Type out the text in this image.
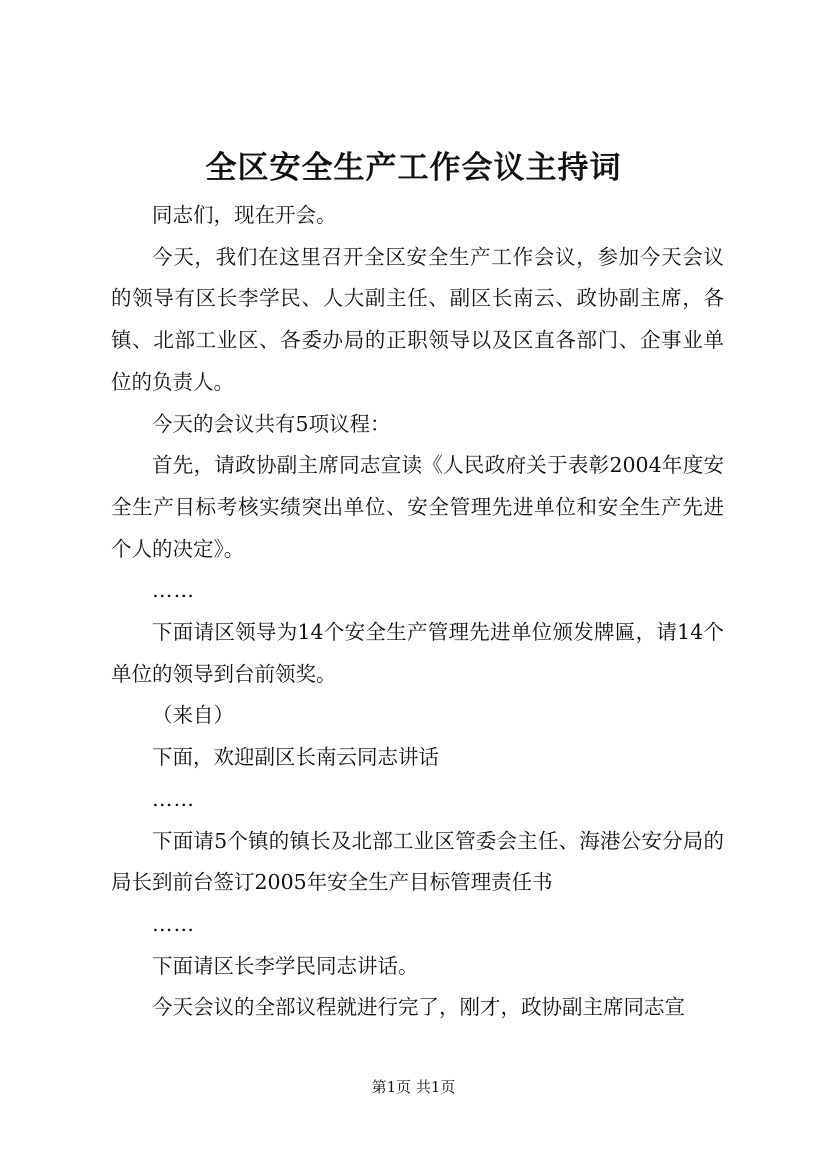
全区安全生产工作会议主持词

同志们，现在开会。

今天，我们在这里召开全区安全生产工作会议，参加今天会议的领导有区长李学民、人大副主任、副区长南云、政协副主席，各镇、北部工业区、各委办局的正职领导以及区直各部门、企事业单位的负责人。

今天的会议共有5项议程：

首先，请政协副主席同志宣读《人民政府关于表彰2004年度安全生产目标考核实绩突出单位、安全管理先进单位和安全生产先进个人的决定》。

……

下面请区领导为14个安全生产管理先进单位颁发牌匾，请14个单位的领导到台前领奖。

（来自）

下面，欢迎副区长南云同志讲话

……

下面请5个镇的镇长及北部工业区管委会主任、海港公安分局的局长到前台签订2005年安全生产目标管理责任书

……

下面请区长李学民同志讲话。

今天会议的全部议程就进行完了，刚才，政协副主席同志宣

第1页 共1页
